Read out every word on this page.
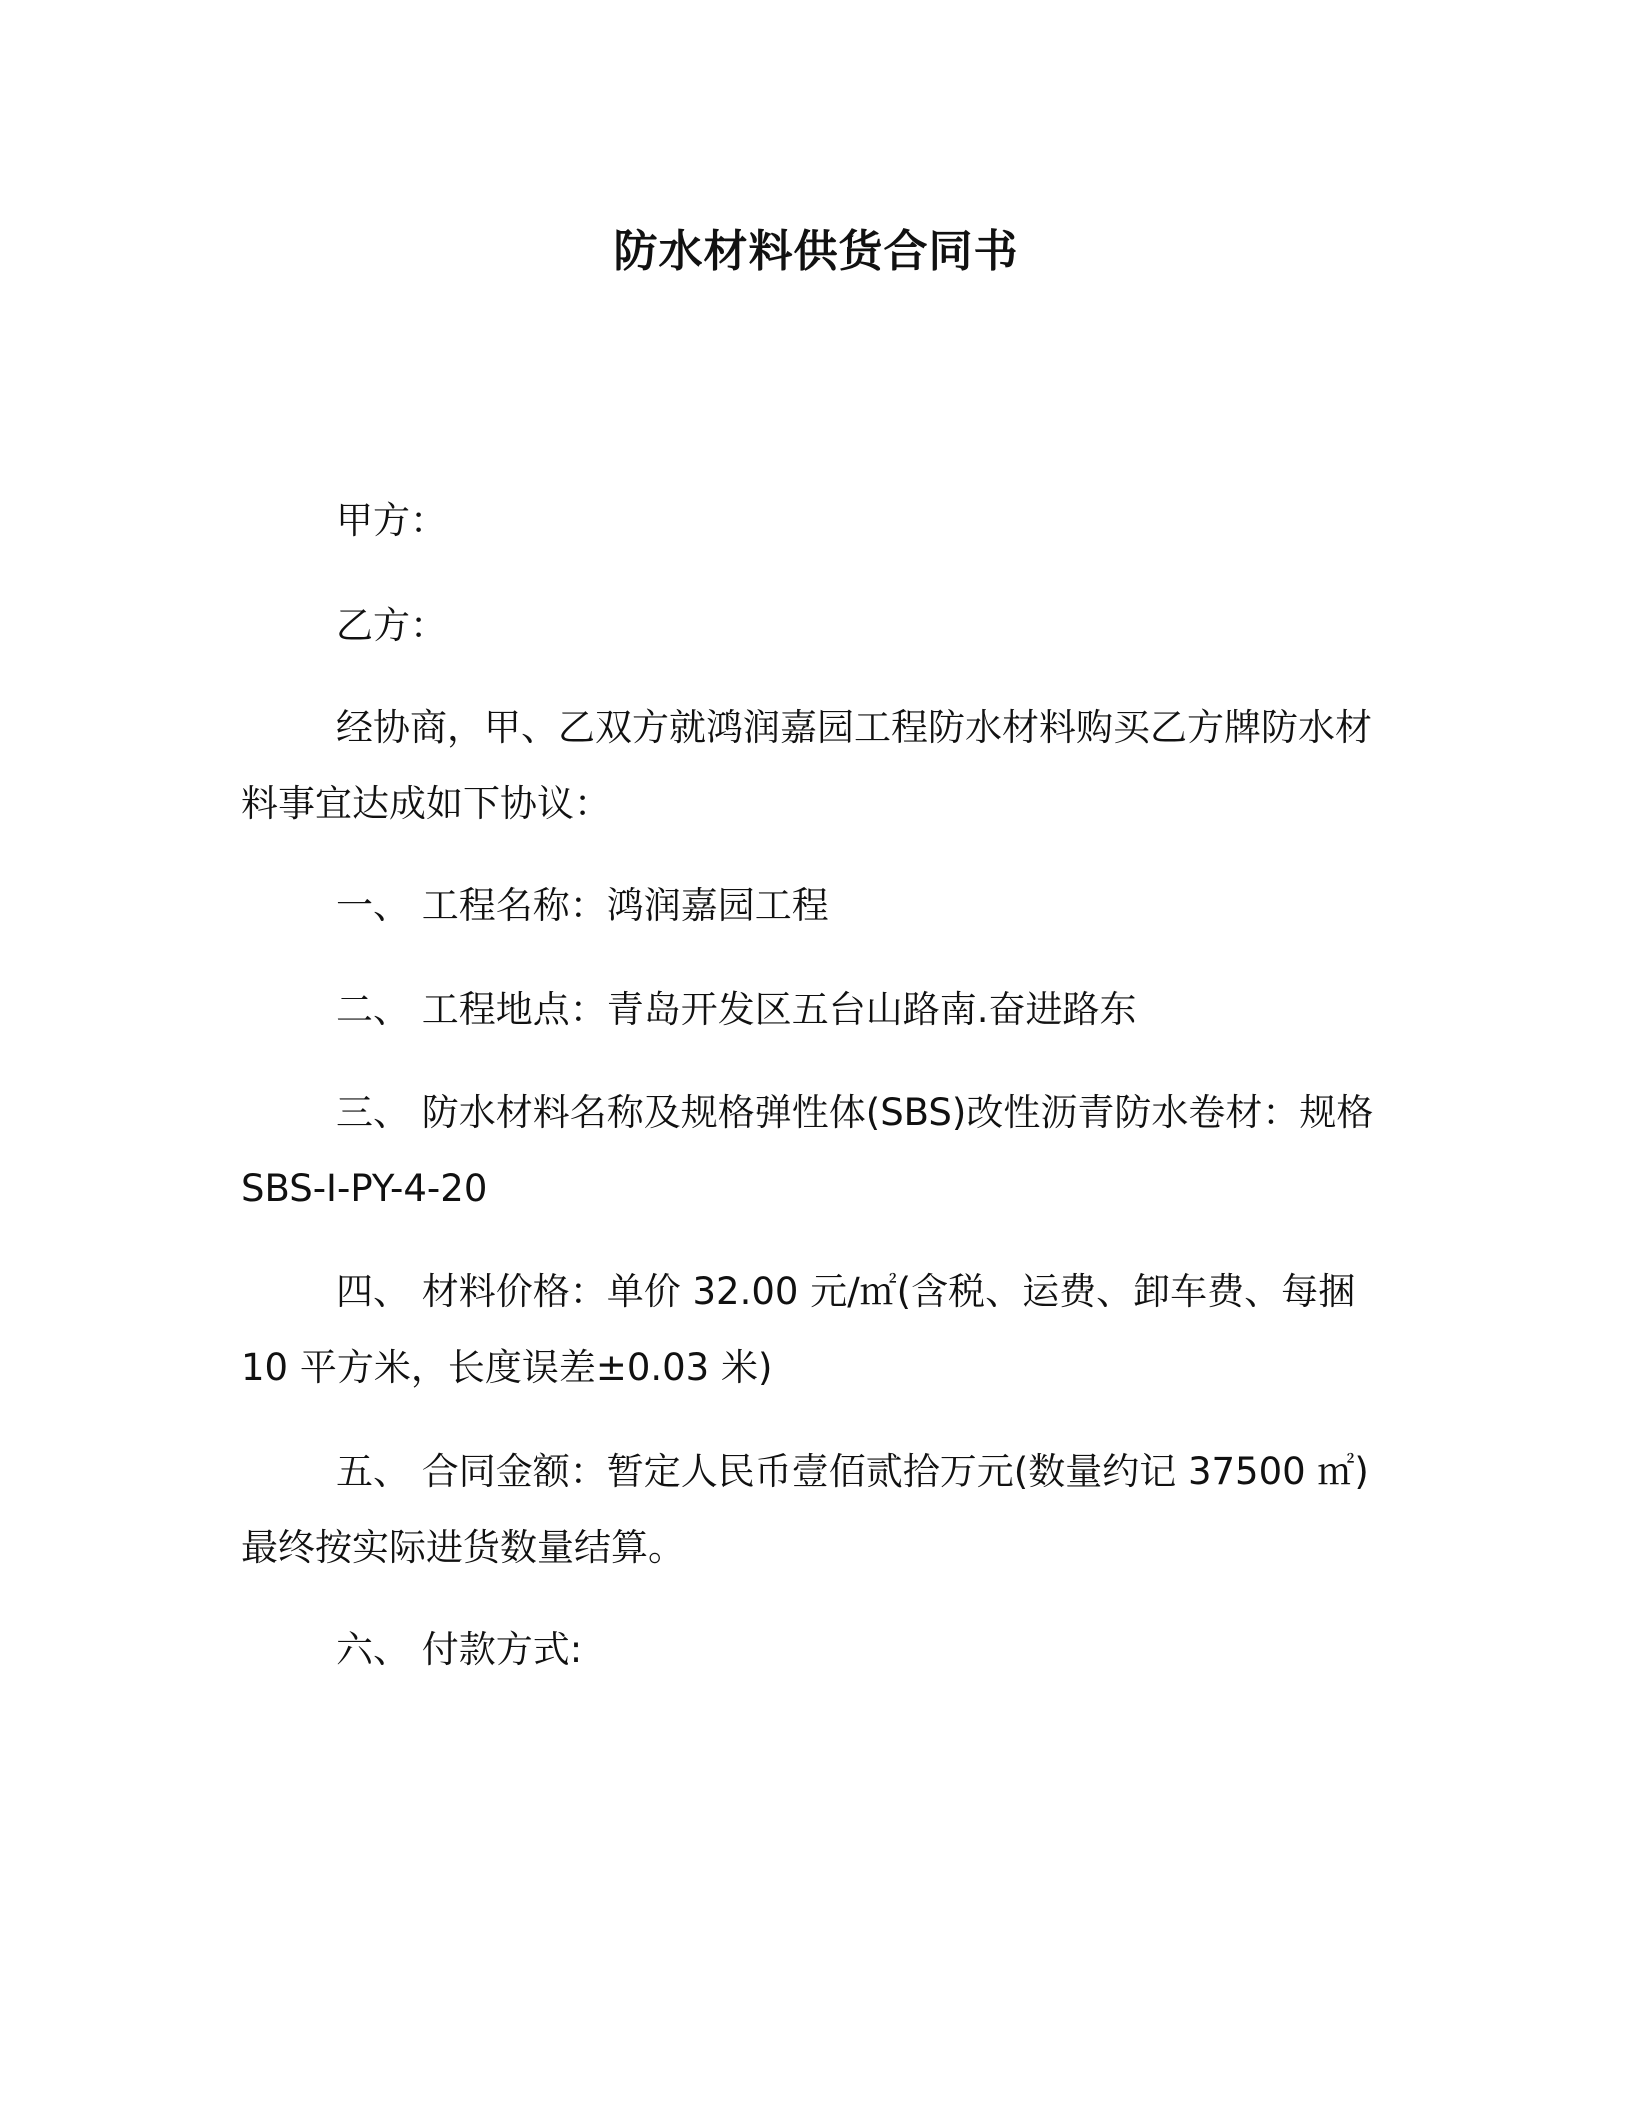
防水材料供货合同书

甲方：

乙方：

经协商，甲、乙双方就鸿润嘉园工程防水材料购买乙方牌防水材料事宜达成如下协议：

一、 工程名称：鸿润嘉园工程

二、 工程地点：青岛开发区五台山路南.奋进路东

三、 防水材料名称及规格弹性体(SBS)改性沥青防水卷材：规格SBS-I-PY-4-20

四、 材料价格：单价 32.00 元/㎡(含税、运费、卸车费、每捆10 平方米，长度误差±0.03 米)

五、 合同金额：暂定人民币壹佰贰拾万元(数量约记 37500 ㎡)最终按实际进货数量结算。

六、 付款方式:
